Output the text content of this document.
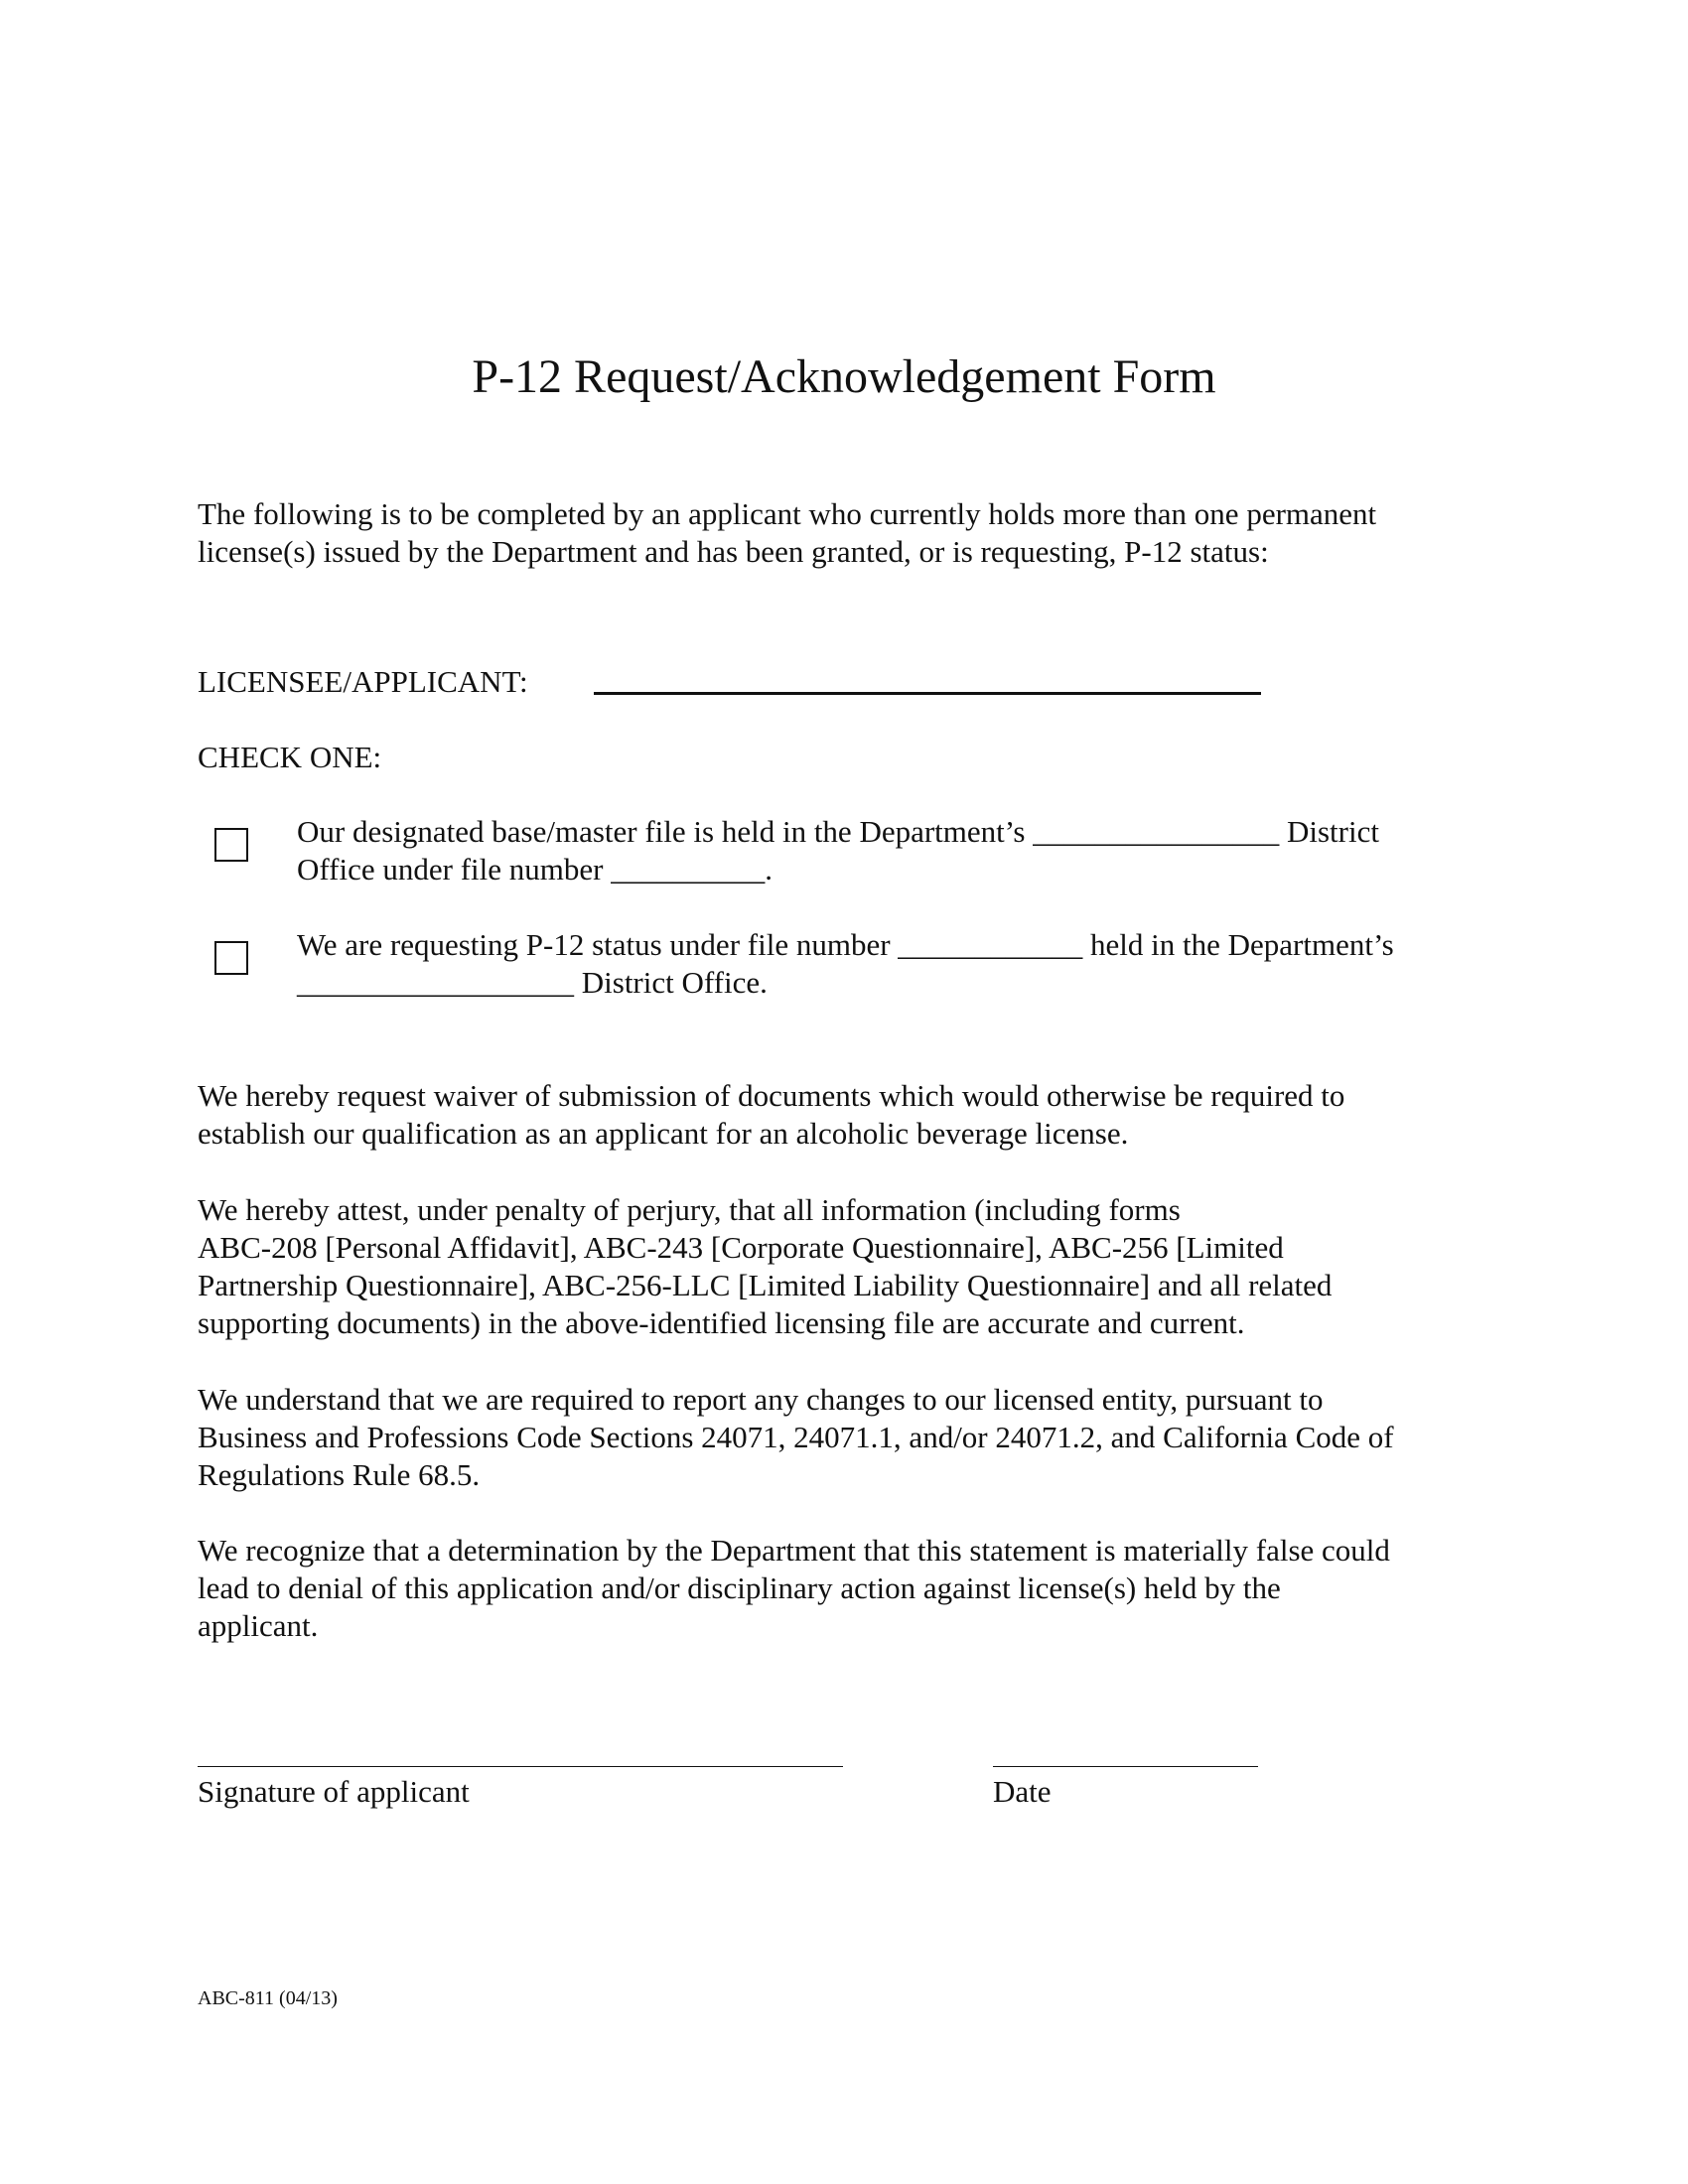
P-12 Request/Acknowledgement Form
The following is to be completed by an applicant who currently holds more than one permanent
license(s) issued by the Department and has been granted, or is requesting, P-12 status:
LICENSEE/APPLICANT:
CHECK ONE:
Our designated base/master file is held in the Department’s ________________ District
Office under file number __________.
We are requesting P-12 status under file number ____________ held in the Department’s
__________________ District Office.
We hereby request waiver of submission of documents which would otherwise be required to
establish our qualification as an applicant for an alcoholic beverage license.
We hereby attest, under penalty of perjury, that all information (including forms
ABC-208 [Personal Affidavit], ABC-243 [Corporate Questionnaire], ABC-256 [Limited
Partnership Questionnaire], ABC-256-LLC [Limited Liability Questionnaire] and all related
supporting documents) in the above-identified licensing file are accurate and current.
We understand that we are required to report any changes to our licensed entity, pursuant to
Business and Professions Code Sections 24071, 24071.1, and/or 24071.2, and California Code of
Regulations Rule 68.5.
We recognize that a determination by the Department that this statement is materially false could
lead to denial of this application and/or disciplinary action against license(s) held by the
applicant.
Signature of applicant	Date
ABC-811 (04/13)
